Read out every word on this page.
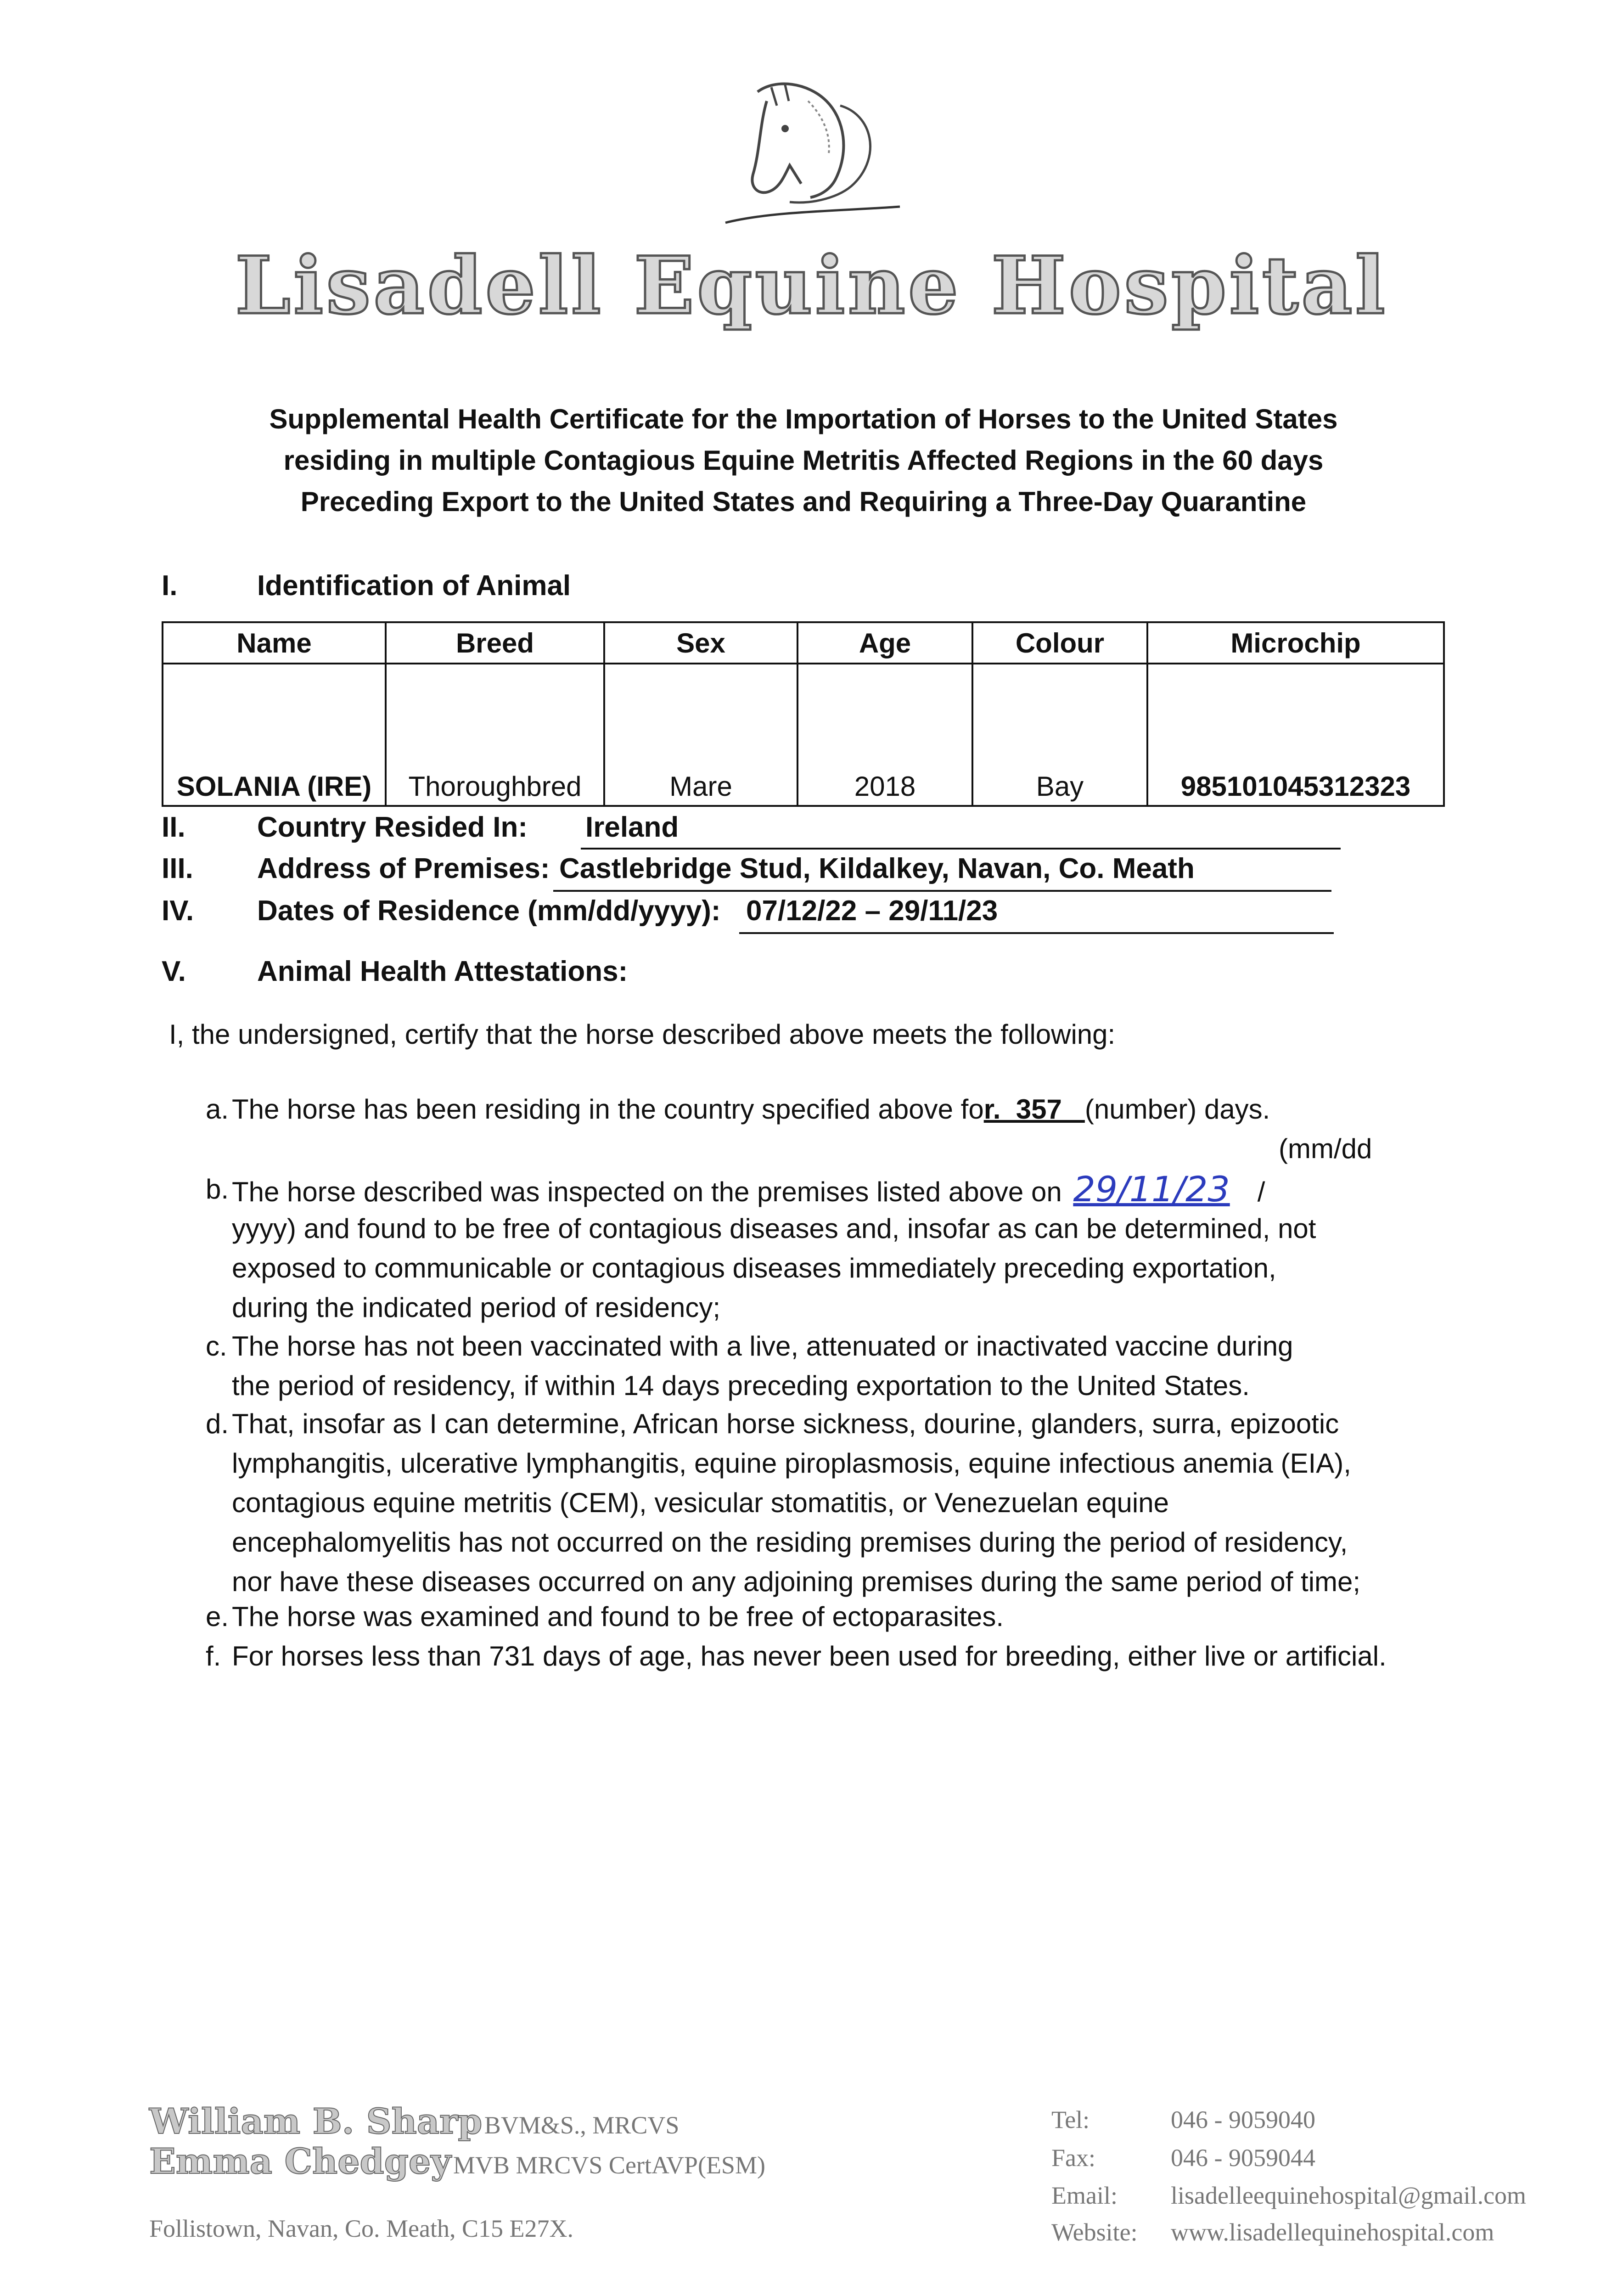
Lisadell Equine Hospital
Supplemental Health Certificate for the Importation of Horses to the United States
residing in multiple Contagious Equine Metritis Affected Regions in the 60 days
Preceding Export to the United States and Requiring a Three-Day Quarantine
I.	Identification of Animal
Name	Breed	Sex	Age	Colour	Microchip
SOLANIA (IRE)	Thoroughbred	Mare	2018	Bay	985101045312323
II.	Country Resided In: Ireland
III. Address of Premises: Castlebridge Stud, Kildalkey, Navan, Co. Meath
IV. Dates of Residence (mm/dd/yyyy): 07/12/22 – 29/11/23
V.	Animal Health Attestations:
I, the undersigned, certify that the horse described above meets the following:
a. The horse has been residing in the country specified above for.  357   (number) days.
(mm/dd
b. The horse described was inspected on the premises listed above on 29/11/23 /
yyyy) and found to be free of contagious diseases and, insofar as can be determined, not
exposed to communicable or contagious diseases immediately preceding exportation,
during the indicated period of residency;
c. The horse has not been vaccinated with a live, attenuated or inactivated vaccine during
the period of residency, if within 14 days preceding exportation to the United States.
d. That, insofar as I can determine, African horse sickness, dourine, glanders, surra, epizootic
lymphangitis, ulcerative lymphangitis, equine piroplasmosis, equine infectious anemia (EIA),
contagious equine metritis (CEM), vesicular stomatitis, or Venezuelan equine
encephalomyelitis has not occurred on the residing premises during the period of residency,
nor have these diseases occurred on any adjoining premises during the same period of time;
e. The horse was examined and found to be free of ectoparasites.
f. For horses less than 731 days of age, has never been used for breeding, either live or artificial.
William B. Sharp BVM&S., MRCVS
Emma Chedgey MVB MRCVS CertAVP(ESM)
Follistown, Navan, Co. Meath, C15 E27X.
Tel:	046 - 9059040
Fax:	046 - 9059044
Email: lisadelleequinehospital@gmail.com
Website: www.lisadellequinehospital.com
